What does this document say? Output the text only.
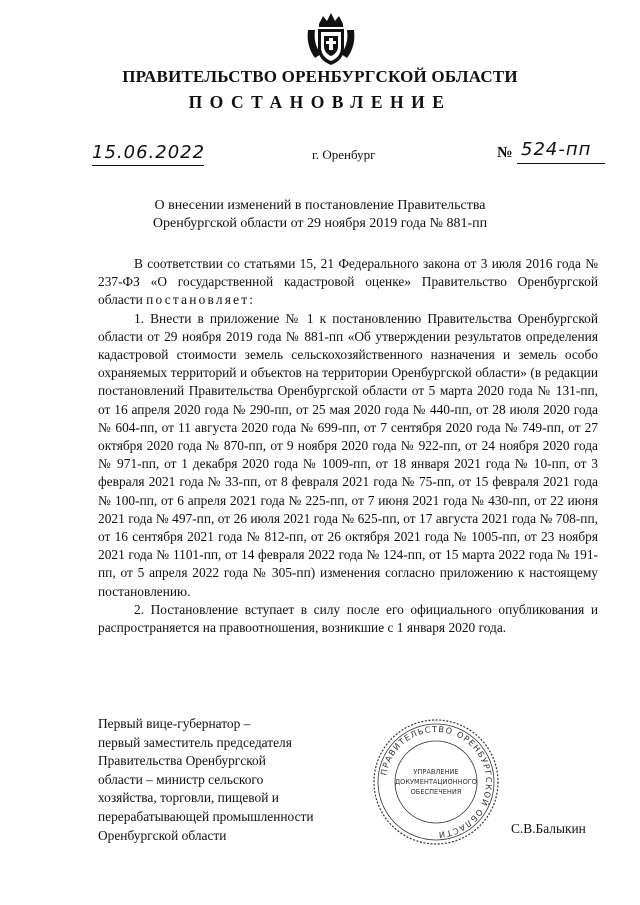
ПРАВИТЕЛЬСТВО ОРЕНБУРГСКОЙ ОБЛАСТИ
ПОСТАНОВЛЕНИЕ
15.06.2022	г. Оренбург	№ 524-пп
О внесении изменений в постановление Правительства
Оренбургской области от 29 ноября 2019 года № 881-пп

В соответствии со статьями 15, 21 Федерального закона от 3 июля 2016 года № 237-ФЗ «О государственной кадастровой оценке» Правительство Оренбургской области постановляет:

1. Внести в приложение № 1 к постановлению Правительства Оренбургской области от 29 ноября 2019 года № 881-пп «Об утверждении результатов определения кадастровой стоимости земель сельскохозяйственного назначения и земель особо охраняемых территорий и объектов на территории Оренбургской области» (в редакции постановлений Правительства Оренбургской области от 5 марта 2020 года № 131-пп, от 16 апреля 2020 года № 290-пп, от 25 мая 2020 года № 440-пп, от 28 июля 2020 года № 604-пп, от 11 августа 2020 года № 699-пп, от 7 сентября 2020 года № 749-пп, от 27 октября 2020 года № 870-пп, от 9 ноября 2020 года № 922-пп, от 24 ноября 2020 года № 971-пп, от 1 декабря 2020 года № 1009-пп, от 18 января 2021 года № 10-пп, от 3 февраля 2021 года № 33-пп, от 8 февраля 2021 года № 75-пп, от 15 февраля 2021 года № 100-пп, от 6 апреля 2021 года № 225-пп, от 7 июня 2021 года № 430-пп, от 22 июня 2021 года № 497-пп, от 26 июля 2021 года № 625-пп, от 17 августа 2021 года № 708-пп, от 16 сентября 2021 года № 812-пп, от 26 октября 2021 года № 1005-пп, от 23 ноября 2021 года № 1101-пп, от 14 февраля 2022 года № 124-пп, от 15 марта 2022 года № 191-пп, от 5 апреля 2022 года № 305-пп) изменения согласно приложению к настоящему постановлению.

2. Постановление вступает в силу после его официального опубликования и распространяется на правоотношения, возникшие с 1 января 2020 года.

Первый вице-губернатор –
первый заместитель председателя
Правительства Оренбургской
области – министр сельского
хозяйства, торговли, пищевой и
перерабатывающей промышленности
Оренбургской области
ПРАВИТЕЛЬСТВО ОРЕНБУРГСКОЙ ОБЛАСТИ
УПРАВЛЕНИЕ
ДОКУМЕНТАЦИОННОГО
ОБЕСПЕЧЕНИЯ
С.В.Балыкин
